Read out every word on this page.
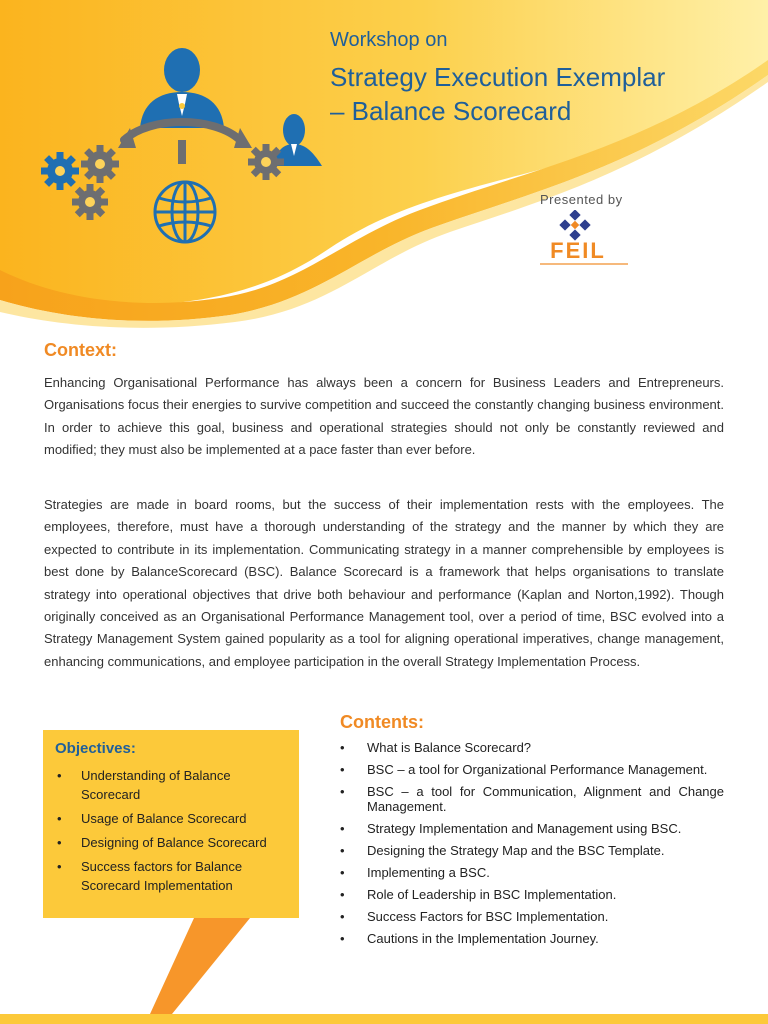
Workshop on

Strategy Execution Exemplar
– Balance Scorecard
Presented by
FEIL
Context:

Enhancing Organisational Performance has always been a concern for Business Leaders and Entrepreneurs. Organisations focus their energies to survive competition and succeed the constantly changing business environment. In order to achieve this goal, business and operational strategies should not only be constantly reviewed and modified; they must also be implemented at a pace faster than ever before.

Strategies are made in board rooms, but the success of their implementation rests with the employees. The employees, therefore, must have a thorough understanding of the strategy and the manner by which they are expected to contribute in its implementation. Communicating strategy in a manner comprehensible by employees is best done by BalanceScorecard (BSC). Balance Scorecard is a framework that helps organisations to translate strategy into operational objectives that drive both behaviour and performance (Kaplan and Norton,1992). Though originally conceived as an Organisational Performance Management tool, over a period of time, BSC evolved into a Strategy Management System gained popularity as a tool for aligning operational imperatives, change management, enhancing communications, and employee participation in the overall Strategy Implementation Process.

Objectives:
• Understanding of Balance Scorecard
• Usage of Balance Scorecard
• Designing of Balance Scorecard
• Success factors for Balance Scorecard Implementation
Contents:
• What is Balance Scorecard?
• BSC – a tool for Organizational Performance Management.
• BSC – a tool for Communication, Alignment and Change Management.
• Strategy Implementation and Management using BSC.
• Designing the Strategy Map and the BSC Template.
• Implementing a BSC.
• Role of Leadership in BSC Implementation.
• Success Factors for BSC Implementation.
• Cautions in the Implementation Journey.
